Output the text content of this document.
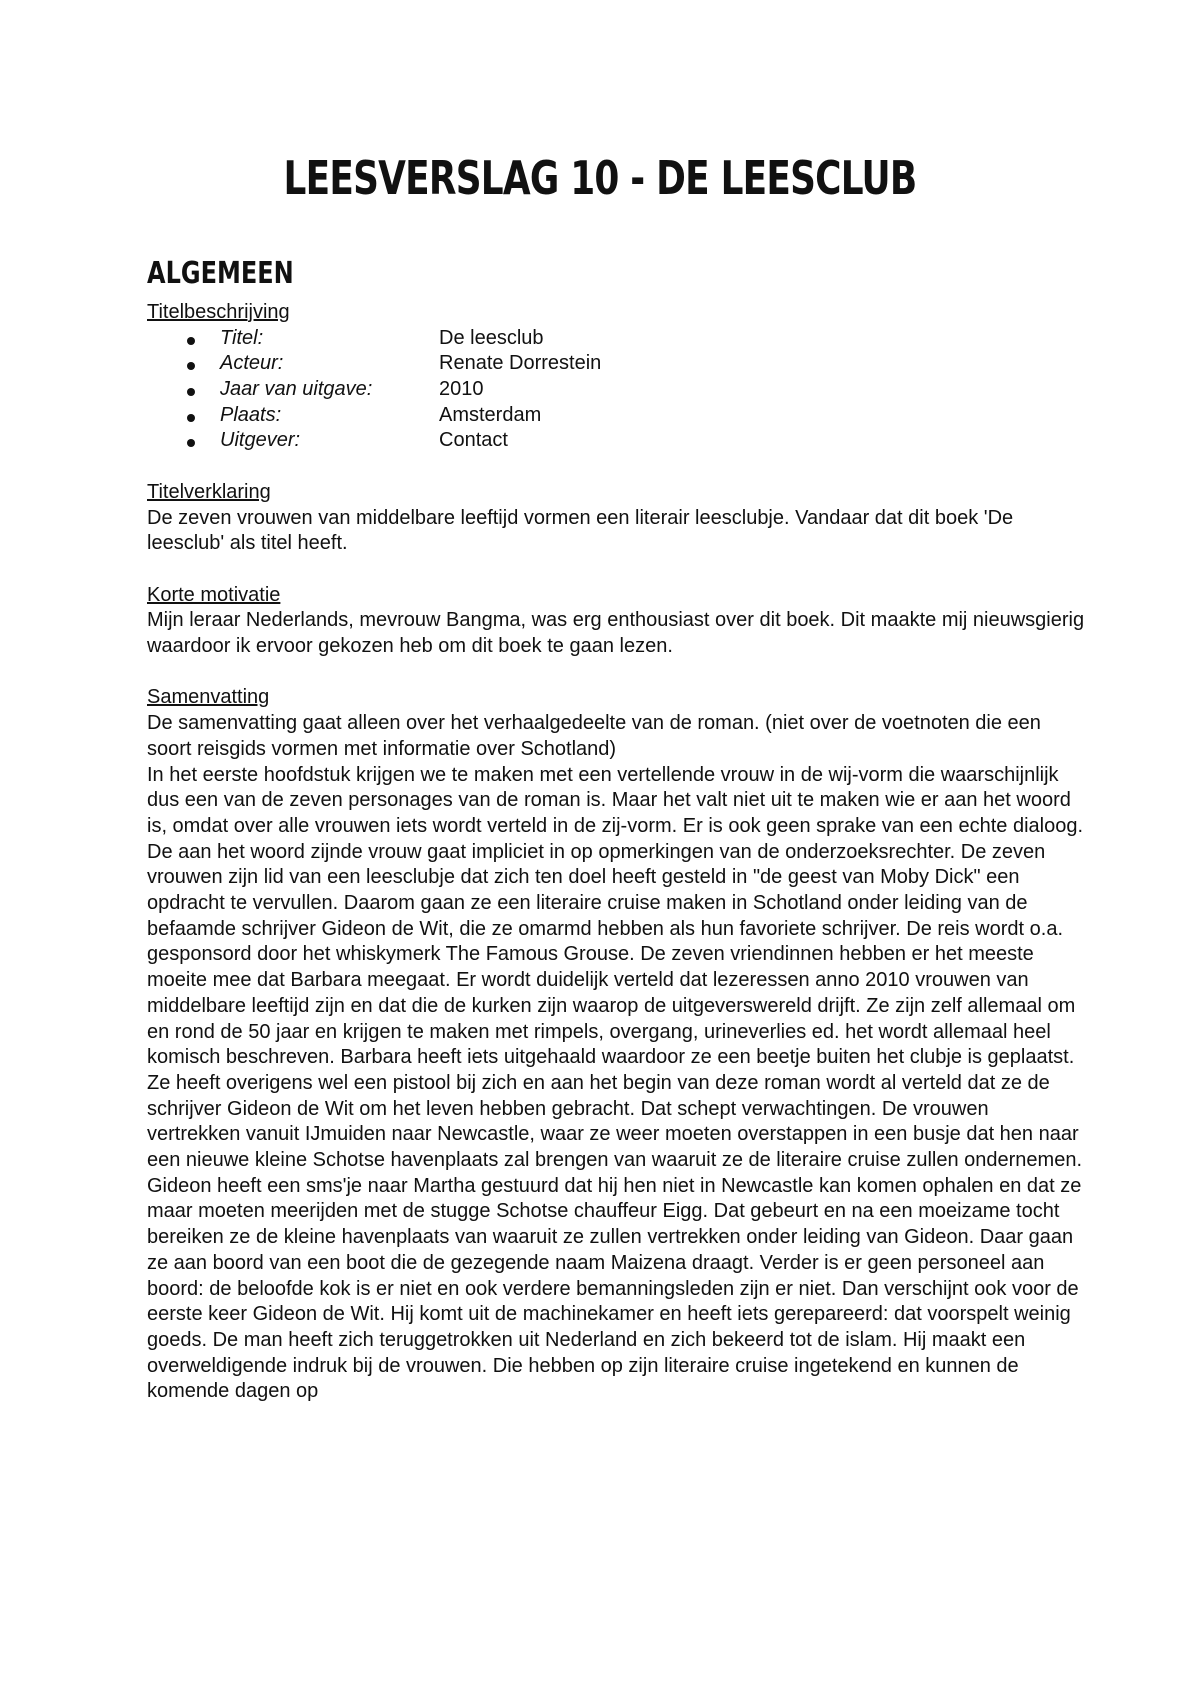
LEESVERSLAG 10 - DE LEESCLUB
ALGEMEEN
Titelbeschrijving
Titel:	De leesclub
Acteur:	Renate Dorrestein
Jaar van uitgave:	2010
Plaats:	Amsterdam
Uitgever:	Contact
Titelverklaring

De zeven vrouwen van middelbare leeftijd vormen een literair leesclubje. Vandaar dat dit boek 'De leesclub' als titel heeft.

Korte motivatie

Mijn leraar Nederlands, mevrouw Bangma, was erg enthousiast over dit boek. Dit maakte mij nieuwsgierig waardoor ik ervoor gekozen heb om dit boek te gaan lezen.

Samenvatting

De samenvatting gaat alleen over het verhaalgedeelte van de roman. (niet over de voetnoten die een soort reisgids vormen met informatie over Schotland)

In het eerste hoofdstuk krijgen we te maken met een vertellende vrouw in de wij-vorm die waarschijnlijk dus een van de zeven personages van de roman is. Maar het valt niet uit te maken wie er aan het woord is, omdat over alle vrouwen iets wordt verteld in de zij-vorm. Er is ook geen sprake van een echte dialoog. De aan het woord zijnde vrouw gaat impliciet in op opmerkingen van de onderzoeksrechter. De zeven vrouwen zijn lid van een leesclubje dat zich ten doel heeft gesteld in "de geest van Moby Dick" een opdracht te vervullen. Daarom gaan ze een literaire cruise maken in Schotland onder leiding van de befaamde schrijver Gideon de Wit, die ze omarmd hebben als hun favoriete schrijver. De reis wordt o.a. gesponsord door het whiskymerk The Famous Grouse. De zeven vriendinnen hebben er het meeste moeite mee dat Barbara meegaat. Er wordt duidelijk verteld dat lezeressen anno 2010 vrouwen van middelbare leeftijd zijn en dat die de kurken zijn waarop de uitgeverswereld drijft. Ze zijn zelf allemaal om en rond de 50 jaar en krijgen te maken met rimpels, overgang, urineverlies ed. het wordt allemaal heel komisch beschreven. Barbara heeft iets uitgehaald waardoor ze een beetje buiten het clubje is geplaatst. Ze heeft overigens wel een pistool bij zich en aan het begin van deze roman wordt al verteld dat ze de schrijver Gideon de Wit om het leven hebben gebracht. Dat schept verwachtingen. De vrouwen vertrekken vanuit IJmuiden naar Newcastle, waar ze weer moeten overstappen in een busje dat hen naar een nieuwe kleine Schotse havenplaats zal brengen van waaruit ze de literaire cruise zullen ondernemen. Gideon heeft een sms'je naar Martha gestuurd dat hij hen niet in Newcastle kan komen ophalen en dat ze maar moeten meerijden met de stugge Schotse chauffeur Eigg. Dat gebeurt en na een moeizame tocht bereiken ze de kleine havenplaats van waaruit ze zullen vertrekken onder leiding van Gideon. Daar gaan ze aan boord van een boot die de gezegende naam Maizena draagt. Verder is er geen personeel aan boord: de beloofde kok is er niet en ook verdere bemanningsleden zijn er niet. Dan verschijnt ook voor de eerste keer Gideon de Wit. Hij komt uit de machinekamer en heeft iets gerepareerd: dat voorspelt weinig goeds. De man heeft zich teruggetrokken uit Nederland en zich bekeerd tot de islam. Hij maakt een overweldigende indruk bij de vrouwen. Die hebben op zijn literaire cruise ingetekend en kunnen de komende dagen op
